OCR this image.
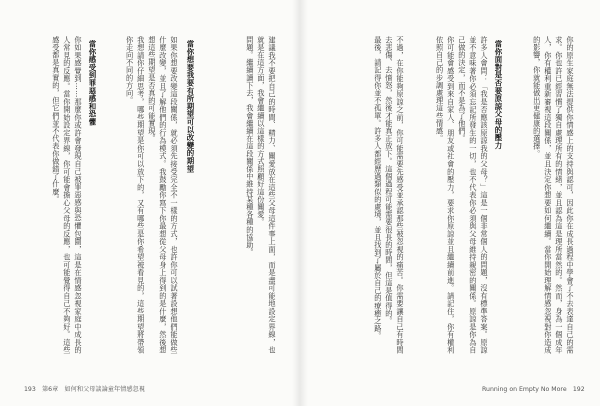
建議我不要把自己的時間、精力、關愛放在這些父母這件事上面，而是盡可能地設定界線，也就是在這方面，我會繼續以這樣的方式照顧好這份關愛。
問題。繼續讀下去，我會繼續在這段關係中維持某種各種的協助。
當你想要我要有所期望可以改變的期望
如果你想要改變這段關係，就必須先接受完全不一樣的方式，也許你可以試著設想他們能做些什麼改變，並且了解他們的行為模式。我鼓勵你寫下你最想從父母身上得到的是什麼，然後想想這些期望是否真的可能實現。
我想請你仔細思考，哪些期望是你可以放下的，又有哪些是你希望被看見的，這些期望將帶領你走向不同的方向。
當你感受到罪惡感和恐懼
你如果感覺到……那麼你或許會發現自己被罪惡感與恐懼包圍，這是在情感忽視家庭中成長的人常見的反應。當你開始設定界線，你可能會擔心父母的反應，也可能覺得自己不夠好。這些感受都是真實的，但它們並不代表你做錯了什麼。
193　第6章　如何和父母談論童年情感忽視
你的原生家庭無法提供你情感上的支持與認可，因此你在成長過程中學會了不去表達自己的需求。你也許已經習慣了獨自處理所有的情緒，並且認為這是理所當然的。然而，身為一個成年人，你有權利重新審視這段關係，並且決定你想要如何繼續。當你開始理解情感忽視對你造成的影響，你就能做出更健康的選擇。
當你面對是否要原諒父母的壓力
許多人會問：「我是否應該原諒我的父母？」這是一個非常個人的問題，沒有標準答案。原諒並不意味著你必須忘記所發生的一切，也不代表你必須與父母維持親密的關係。原諒是你為自己做的決定，而不是為了他們。
你可能會感受到來自家人、朋友或社會的壓力，要求你原諒並且繼續前進。請記住，你有權利依照自己的步調處理這些情感。
不過，在你能夠原諒之前，你可能需要先感受並承認那些被忽視的痛苦。你需要讓自己有時間去悲傷、去憤怒，然後才能真正放下。這個過程可能需要很長的時間，但這是值得的。
最後，請記得你並不孤單。許多人都經歷過類似的處境，並且找到了屬於自己的療癒之路。
Running on Empty No More　192
